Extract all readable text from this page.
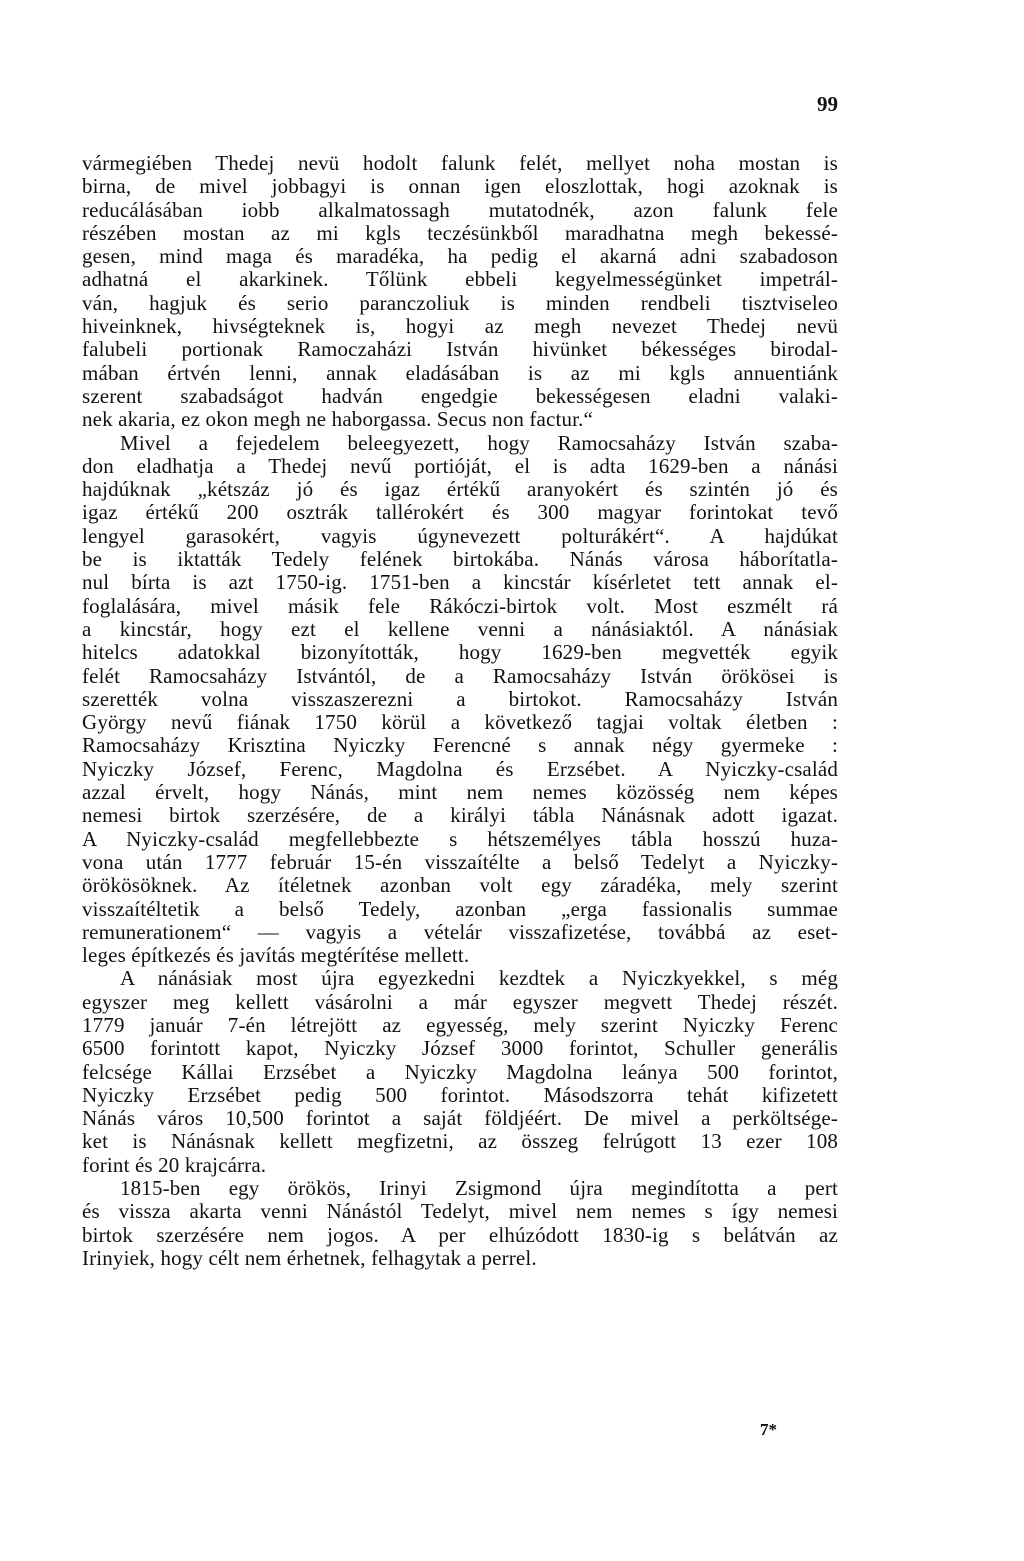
99
vármegiében Thedej nevü hodolt falunk felét, mellyet noha mostan is
birna, de mivel jobbagyi is onnan igen eloszlottak, hogi azoknak is
reducálásában iobb alkalmatossagh mutatodnék, azon falunk fele
részében mostan az mi kgls teczésünkből maradhatna megh bekessé-
gesen, mind maga és maradéka, ha pedig el akarná adni szabadoson
adhatná el akarkinek. Tőlünk ebbeli kegyelmességünket impetrál-
ván, hagjuk és serio paranczoliuk is minden rendbeli tisztviseleo
hiveinknek, hivségteknek is, hogyi az megh nevezet Thedej nevü
falubeli portionak Ramoczaházi István hivünket békességes birodal-
mában értvén lenni, annak eladásában is az mi kgls annuentiánk
szerent szabadságot hadván engedgie bekességesen eladni valaki-
nek akaria, ez okon megh ne haborgassa. Secus non factur.“
Mivel a fejedelem beleegyezett, hogy Ramocsaházy István szaba-
don eladhatja a Thedej nevű portióját, el is adta 1629-ben a nánási
hajdúknak „kétszáz jó és igaz értékű aranyokért és szintén jó és
igaz értékű 200 osztrák tallérokért és 300 magyar forintokat tevő
lengyel garasokért, vagyis úgynevezett polturákért“. A hajdúkat
be is iktatták Tedely felének birtokába. Nánás városa háborítatla-
nul bírta is azt 1750-ig. 1751-ben a kincstár kísérletet tett annak el-
foglalására, mivel másik fele Rákóczi-birtok volt. Most eszmélt rá
a kincstár, hogy ezt el kellene venni a nánásiaktól. A nánásiak
hitelcs adatokkal bizonyították, hogy 1629-ben megvették egyik
felét Ramocsaházy Istvántól, de a Ramocsaházy István örökösei is
szerették volna visszaszerezni a birtokot. Ramocsaházy István
György nevű fiának 1750 körül a következő tagjai voltak életben :
Ramocsaházy Krisztina Nyiczky Ferencné s annak négy gyermeke :
Nyiczky József, Ferenc, Magdolna és Erzsébet. A Nyiczky-család
azzal érvelt, hogy Nánás, mint nem nemes közösség nem képes
nemesi birtok szerzésére, de a királyi tábla Nánásnak adott igazat.
A Nyiczky-család megfellebbezte s hétszemélyes tábla hosszú huza-
vona után 1777 február 15-én visszaítélte a belső Tedelyt a Nyiczky-
örökösöknek. Az ítéletnek azonban volt egy záradéka, mely szerint
visszaítéltetik a belső Tedely, azonban „erga fassionalis summae
remunerationem“ — vagyis a vételár visszafizetése, továbbá az eset-
leges építkezés és javítás megtérítése mellett.
A nánásiak most újra egyezkedni kezdtek a Nyiczkyekkel, s még
egyszer meg kellett vásárolni a már egyszer megvett Thedej részét.
1779 január 7-én létrejött az egyesség, mely szerint Nyiczky Ferenc
6500 forintott kapot, Nyiczky József 3000 forintot, Schuller generális
felcsége Kállai Erzsébet a Nyiczky Magdolna leánya 500 forintot,
Nyiczky Erzsébet pedig 500 forintot. Másodszorra tehát kifizetett
Nánás város 10,500 forintot a saját földjéért. De mivel a perköltsége-
ket is Nánásnak kellett megfizetni, az összeg felrúgott 13 ezer 108
forint és 20 krajcárra.
1815-ben egy örökös, Irinyi Zsigmond újra megindította a pert
és vissza akarta venni Nánástól Tedelyt, mivel nem nemes s így nemesi
birtok szerzésére nem jogos. A per elhúzódott 1830-ig s belátván az
Irinyiek, hogy célt nem érhetnek, felhagytak a perrel.
7*
